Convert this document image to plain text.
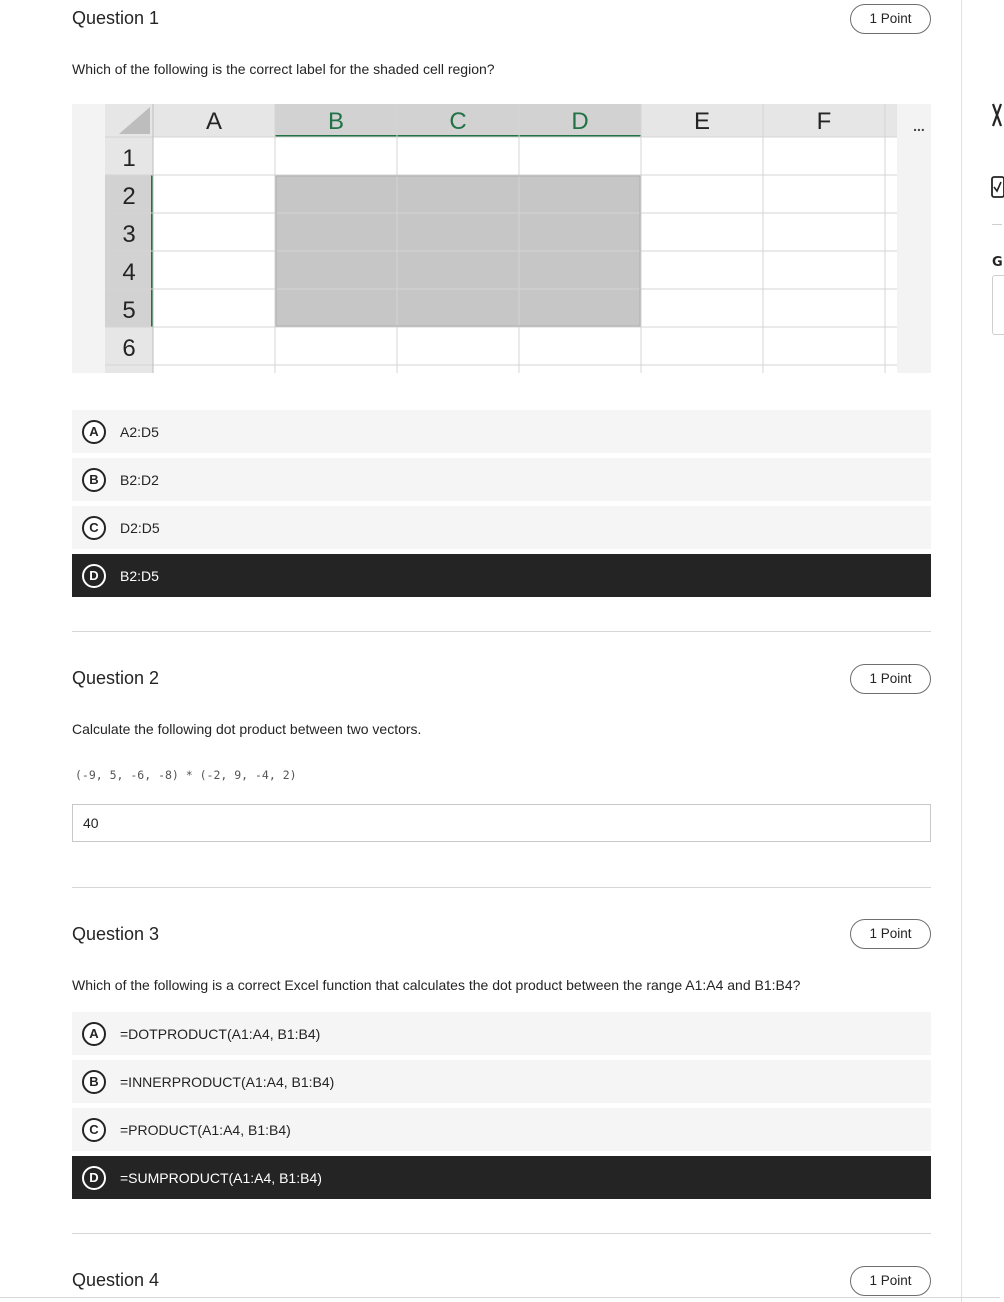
Question 1	1 Point
Which of the following is the correct label for the shaded cell region?
A	B	C	D	E	F
1
2
3
4
5
6
...
A	A2:D5
B	B2:D2
C	D2:D5
D	B2:D5
Question 2	1 Point
Calculate the following dot product between two vectors.
(-9, 5, -6, -8) * (-2, 9, -4, 2)
40
Question 3	1 Point
Which of the following is a correct Excel function that calculates the dot product between the range A1:A4 and B1:B4?
A	=DOTPRODUCT(A1:A4, B1:B4)
B	=INNERPRODUCT(A1:A4, B1:B4)
C	=PRODUCT(A1:A4, B1:B4)
D	=SUMPRODUCT(A1:A4, B1:B4)
Question 4	1 Point
G
